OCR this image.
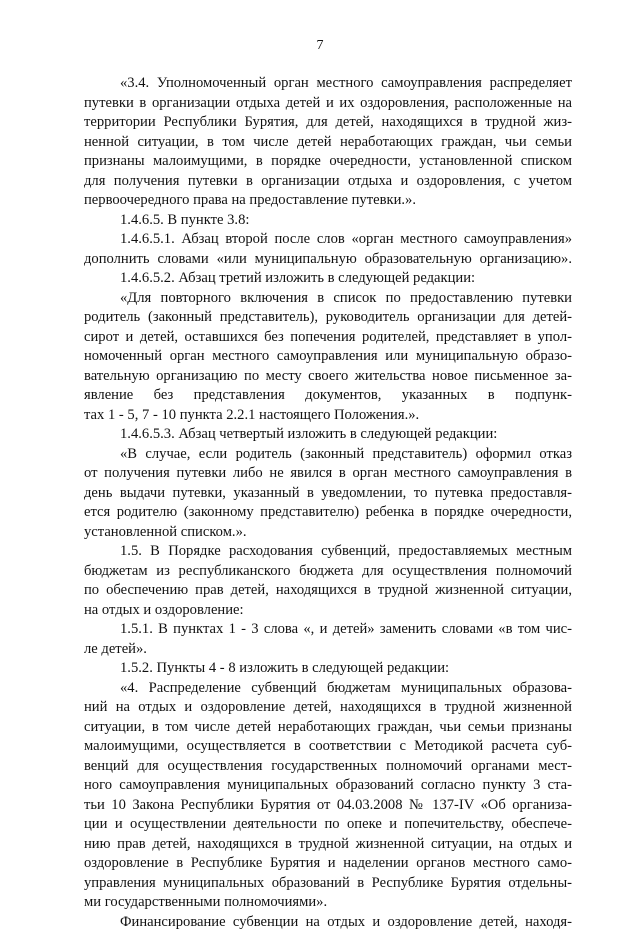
7
«3.4. Уполномоченный орган местного самоуправления распределяет
путевки в организации отдыха детей и их оздоровления, расположенные на
территории Республики Бурятия, для детей, находящихся в трудной жиз-
ненной ситуации, в том числе детей неработающих граждан, чьи семьи
признаны малоимущими, в порядке очередности, установленной списком
для получения путевки в организации отдыха и оздоровления, с учетом
первоочередного права на предоставление путевки.».
1.4.6.5. В пункте 3.8:
1.4.6.5.1. Абзац второй после слов «орган местного самоуправления»
дополнить словами «или муниципальную образовательную организацию».
1.4.6.5.2. Абзац третий изложить в следующей редакции:
«Для повторного включения в список по предоставлению путевки
родитель (законный представитель), руководитель организации для детей-
сирот и детей, оставшихся без попечения родителей, представляет в упол-
номоченный орган местного самоуправления или муниципальную образо-
вательную организацию по месту своего жительства новое письменное за-
явление без представления документов, указанных в подпунк-
тах 1 - 5, 7 - 10 пункта 2.2.1 настоящего Положения.».
1.4.6.5.3. Абзац четвертый изложить в следующей редакции:
«В случае, если родитель (законный представитель) оформил отказ
от получения путевки либо не явился в орган местного самоуправления в
день выдачи путевки, указанный в уведомлении, то путевка предоставля-
ется родителю (законному представителю) ребенка в порядке очередности,
установленной списком.».
1.5. В Порядке расходования субвенций, предоставляемых местным
бюджетам из республиканского бюджета для осуществления полномочий
по обеспечению прав детей, находящихся в трудной жизненной ситуации,
на отдых и оздоровление:
1.5.1. В пунктах 1 - 3 слова «, и детей» заменить словами «в том чис-
ле детей».
1.5.2. Пункты 4 - 8 изложить в следующей редакции:
«4. Распределение субвенций бюджетам муниципальных образова-
ний на отдых и оздоровление детей, находящихся в трудной жизненной
ситуации, в том числе детей неработающих граждан, чьи семьи признаны
малоимущими, осуществляется в соответствии с Методикой расчета суб-
венций для осуществления государственных полномочий органами мест-
ного самоуправления муниципальных образований согласно пункту 3 ста-
тьи 10 Закона Республики Бурятия от 04.03.2008 № 137-IV «Об организа-
ции и осуществлении деятельности по опеке и попечительству, обеспече-
нию прав детей, находящихся в трудной жизненной ситуации, на отдых и
оздоровление в Республике Бурятия и наделении органов местного само-
управления муниципальных образований в Республике Бурятия отдельны-
ми государственными полномочиями».
Финансирование субвенции на отдых и оздоровление детей, находя-
